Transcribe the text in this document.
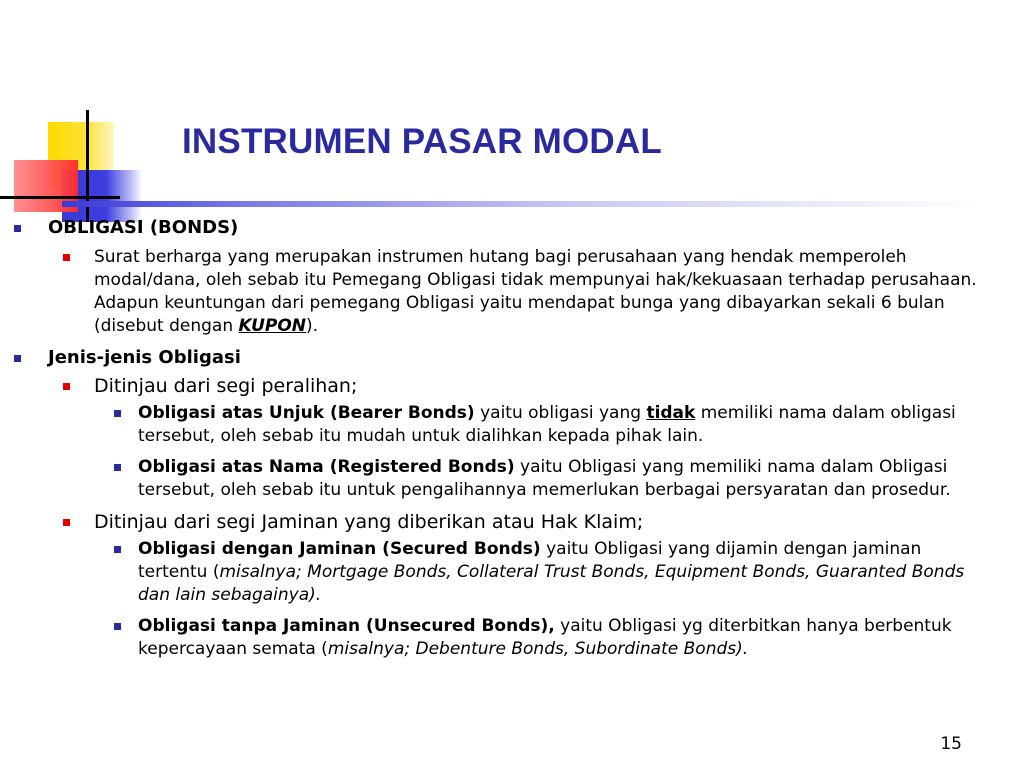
INSTRUMEN PASAR MODAL
OBLIGASI (BONDS)
Surat berharga yang merupakan instrumen hutang bagi perusahaan yang hendak memperoleh modal/dana, oleh sebab itu Pemegang Obligasi tidak mempunyai hak/kekuasaan terhadap perusahaan. Adapun keuntungan dari pemegang Obligasi yaitu mendapat bunga yang dibayarkan sekali 6 bulan (disebut dengan KUPON).
Jenis-jenis Obligasi
Ditinjau dari segi peralihan;
Obligasi atas Unjuk (Bearer Bonds) yaitu obligasi yang tidak memiliki nama dalam obligasi tersebut, oleh sebab itu mudah untuk dialihkan kepada pihak lain.
Obligasi atas Nama (Registered Bonds) yaitu Obligasi yang memiliki nama dalam Obligasi tersebut, oleh sebab itu untuk pengalihannya memerlukan berbagai persyaratan dan prosedur.
Ditinjau dari segi Jaminan yang diberikan atau Hak Klaim;
Obligasi dengan Jaminan (Secured Bonds) yaitu Obligasi yang dijamin dengan jaminan tertentu (misalnya; Mortgage Bonds, Collateral Trust Bonds, Equipment Bonds, Guaranted Bonds dan lain sebagainya).
Obligasi tanpa Jaminan (Unsecured Bonds), yaitu Obligasi yg diterbitkan hanya berbentuk kepercayaan semata (misalnya; Debenture Bonds, Subordinate Bonds).
15
